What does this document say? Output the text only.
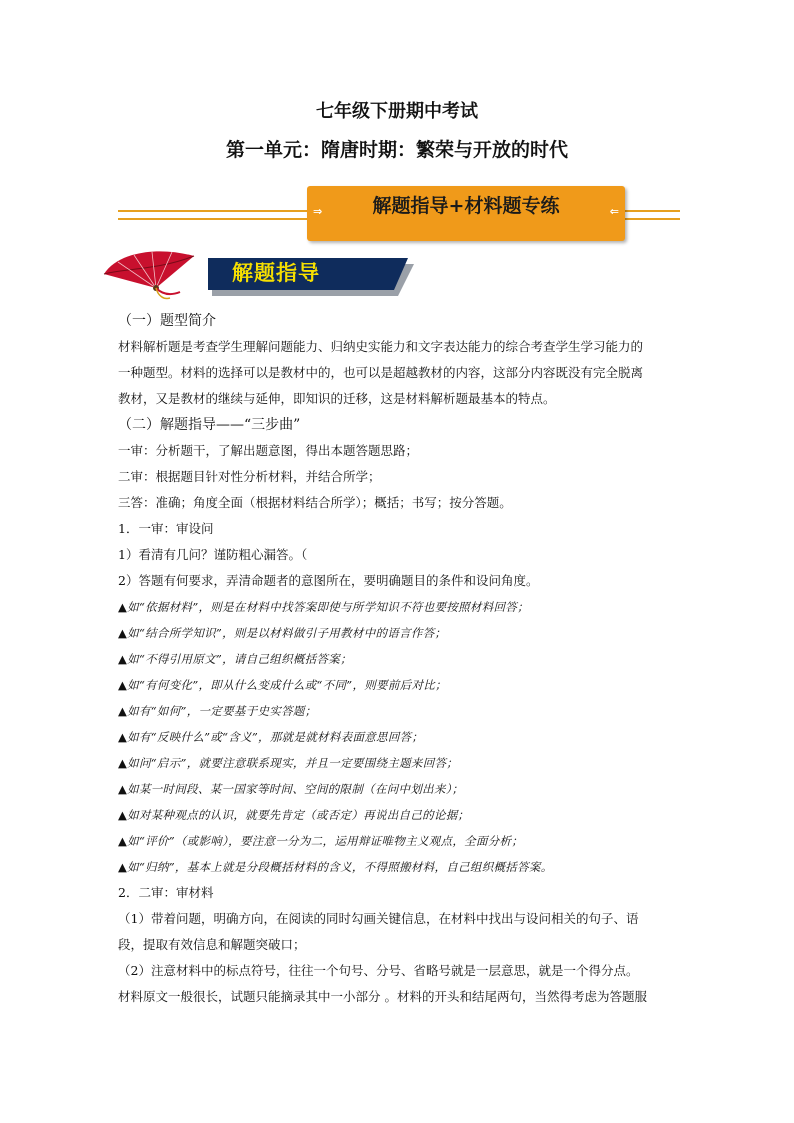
七年级下册期中考试
第一单元：隋唐时期：繁荣与开放的时代
⇒	解题指导+材料题专练	⇐
解题指导

（一）题型简介

材料解析题是考查学生理解问题能力、归纳史实能力和文字表达能力的综合考查学生学习能力的

一种题型。材料的选择可以是教材中的，也可以是超越教材的内容，这部分内容既没有完全脱离

教材，又是教材的继续与延伸，即知识的迁移，这是材料解析题最基本的特点。

（二）解题指导——“三步曲”

一审：分析题干，了解出题意图，得出本题答题思路；

二审：根据题目针对性分析材料，并结合所学；

三答：准确；角度全面（根据材料结合所学）；概括；书写；按分答题。

1．一审：审设问

1）看清有几问？谨防粗心漏答。（

2）答题有何要求，弄清命题者的意图所在，要明确题目的条件和设问角度。

▲如“依据材料”，则是在材料中找答案即使与所学知识不符也要按照材料回答；

▲如“结合所学知识”，则是以材料做引子用教材中的语言作答；

▲如“不得引用原文”，请自己组织概括答案；

▲如“有何变化”，即从什么变成什么或“不同”，则要前后对比；

▲如有“如何”，一定要基于史实答题；

▲如有“反映什么”或“含义”，那就是就材料表面意思回答；

▲如问“启示”，就要注意联系现实，并且一定要围绕主题来回答；

▲如某一时间段、某一国家等时间、空间的限制（在问中划出来）；

▲如对某种观点的认识，就要先肯定（或否定）再说出自己的论据；

▲如“评价”（或影响），要注意一分为二，运用辩证唯物主义观点，全面分析；

▲如“归纳”，基本上就是分段概括材料的含义，不得照搬材料，自己组织概括答案。

2．二审：审材料

（1）带着问题，明确方向，在阅读的同时勾画关键信息，在材料中找出与设问相关的句子、语

段，提取有效信息和解题突破口；

（2）注意材料中的标点符号，往往一个句号、分号、省略号就是一层意思，就是一个得分点。

材料原文一般很长，试题只能摘录其中一小部分 。材料的开头和结尾两句，当然得考虑为答题服
